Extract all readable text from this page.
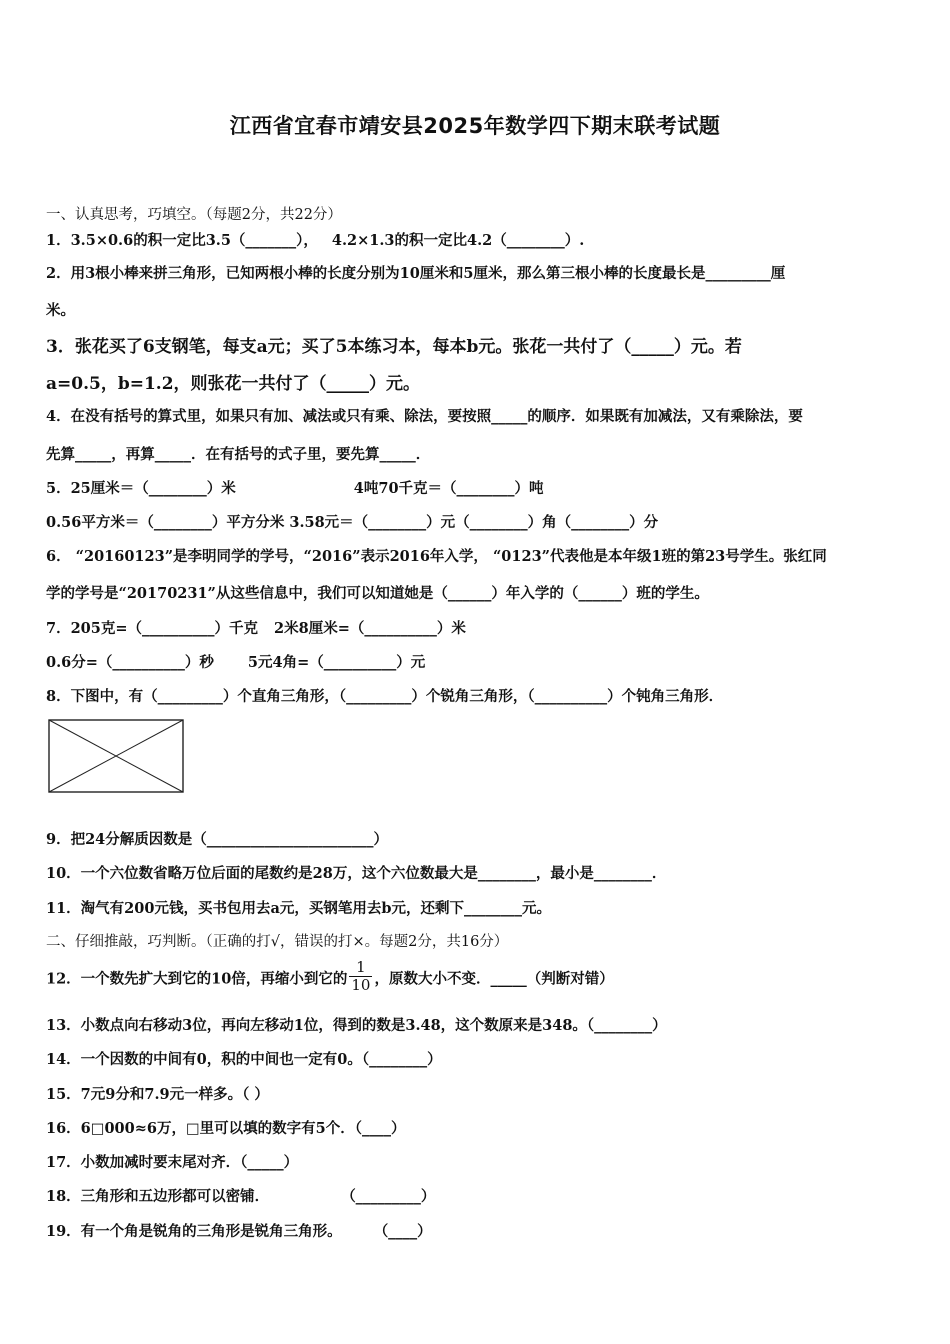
江西省宜春市靖安县2025年数学四下期末联考试题
一、认真思考，巧填空。（每题2分，共22分）
1．3.5×0.6的积一定比3.5（_______）， 4.2×1.3的积一定比4.2（________）.
2．用3根小棒来拼三角形，已知两根小棒的长度分别为10厘米和5厘米，那么第三根小棒的长度最长是_________厘
米。
3．张花买了6支钢笔，每支a元；买了5本练习本，每本b元。张花一共付了（_____）元。若
a=0.5，b=1.2，则张花一共付了（_____）元。
4．在没有括号的算式里，如果只有加、减法或只有乘、除法，要按照_____的顺序．如果既有加减法，又有乘除法，要
先算_____，再算_____．在有括号的式子里，要先算_____．
5．25厘米＝（________）米	4吨70千克＝（________）吨
0.56平方米＝（________）平方分米 3.58元＝（________）元（________）角（________）分
6． “20160123”是李明同学的学号，“2016”表示2016年入学， “0123”代表他是本年级1班的第23号学生。张红同
学的学号是“20170231”从这些信息中，我们可以知道她是（______）年入学的（______）班的学生。
7．205克=（__________）千克 2米8厘米=（__________）米
0.6分=（__________）秒 5元4角=（__________）元
8．下图中，有（_________）个直角三角形，（_________）个锐角三角形，（__________）个钝角三角形．
9．把24分解质因数是（_______________________）
10．一个六位数省略万位后面的尾数约是28万，这个六位数最大是________，最小是________．
11．淘气有200元钱，买书包用去a元，买钢笔用去b元，还剩下________元。
二、仔细推敲，巧判断。（正确的打√，错误的打×。每题2分，共16分）
12．一个数先扩大到它的10倍，再缩小到它的 $\frac{1}{10}$ ，原数大小不变．_____（判断对错）
13．小数点向右移动3位，再向左移动1位，得到的数是3.48，这个数原来是348。（________）
14．一个因数的中间有0，积的中间也一定有0。（________）
15．7元9分和7.9元一样多。（ ）
16．6□000≈6万，□里可以填的数字有5个．（____）
17．小数加减时要末尾对齐．（_____）
18．三角形和五边形都可以密铺．	（_________）
19．有一个角是锐角的三角形是锐角三角形。 （____）
